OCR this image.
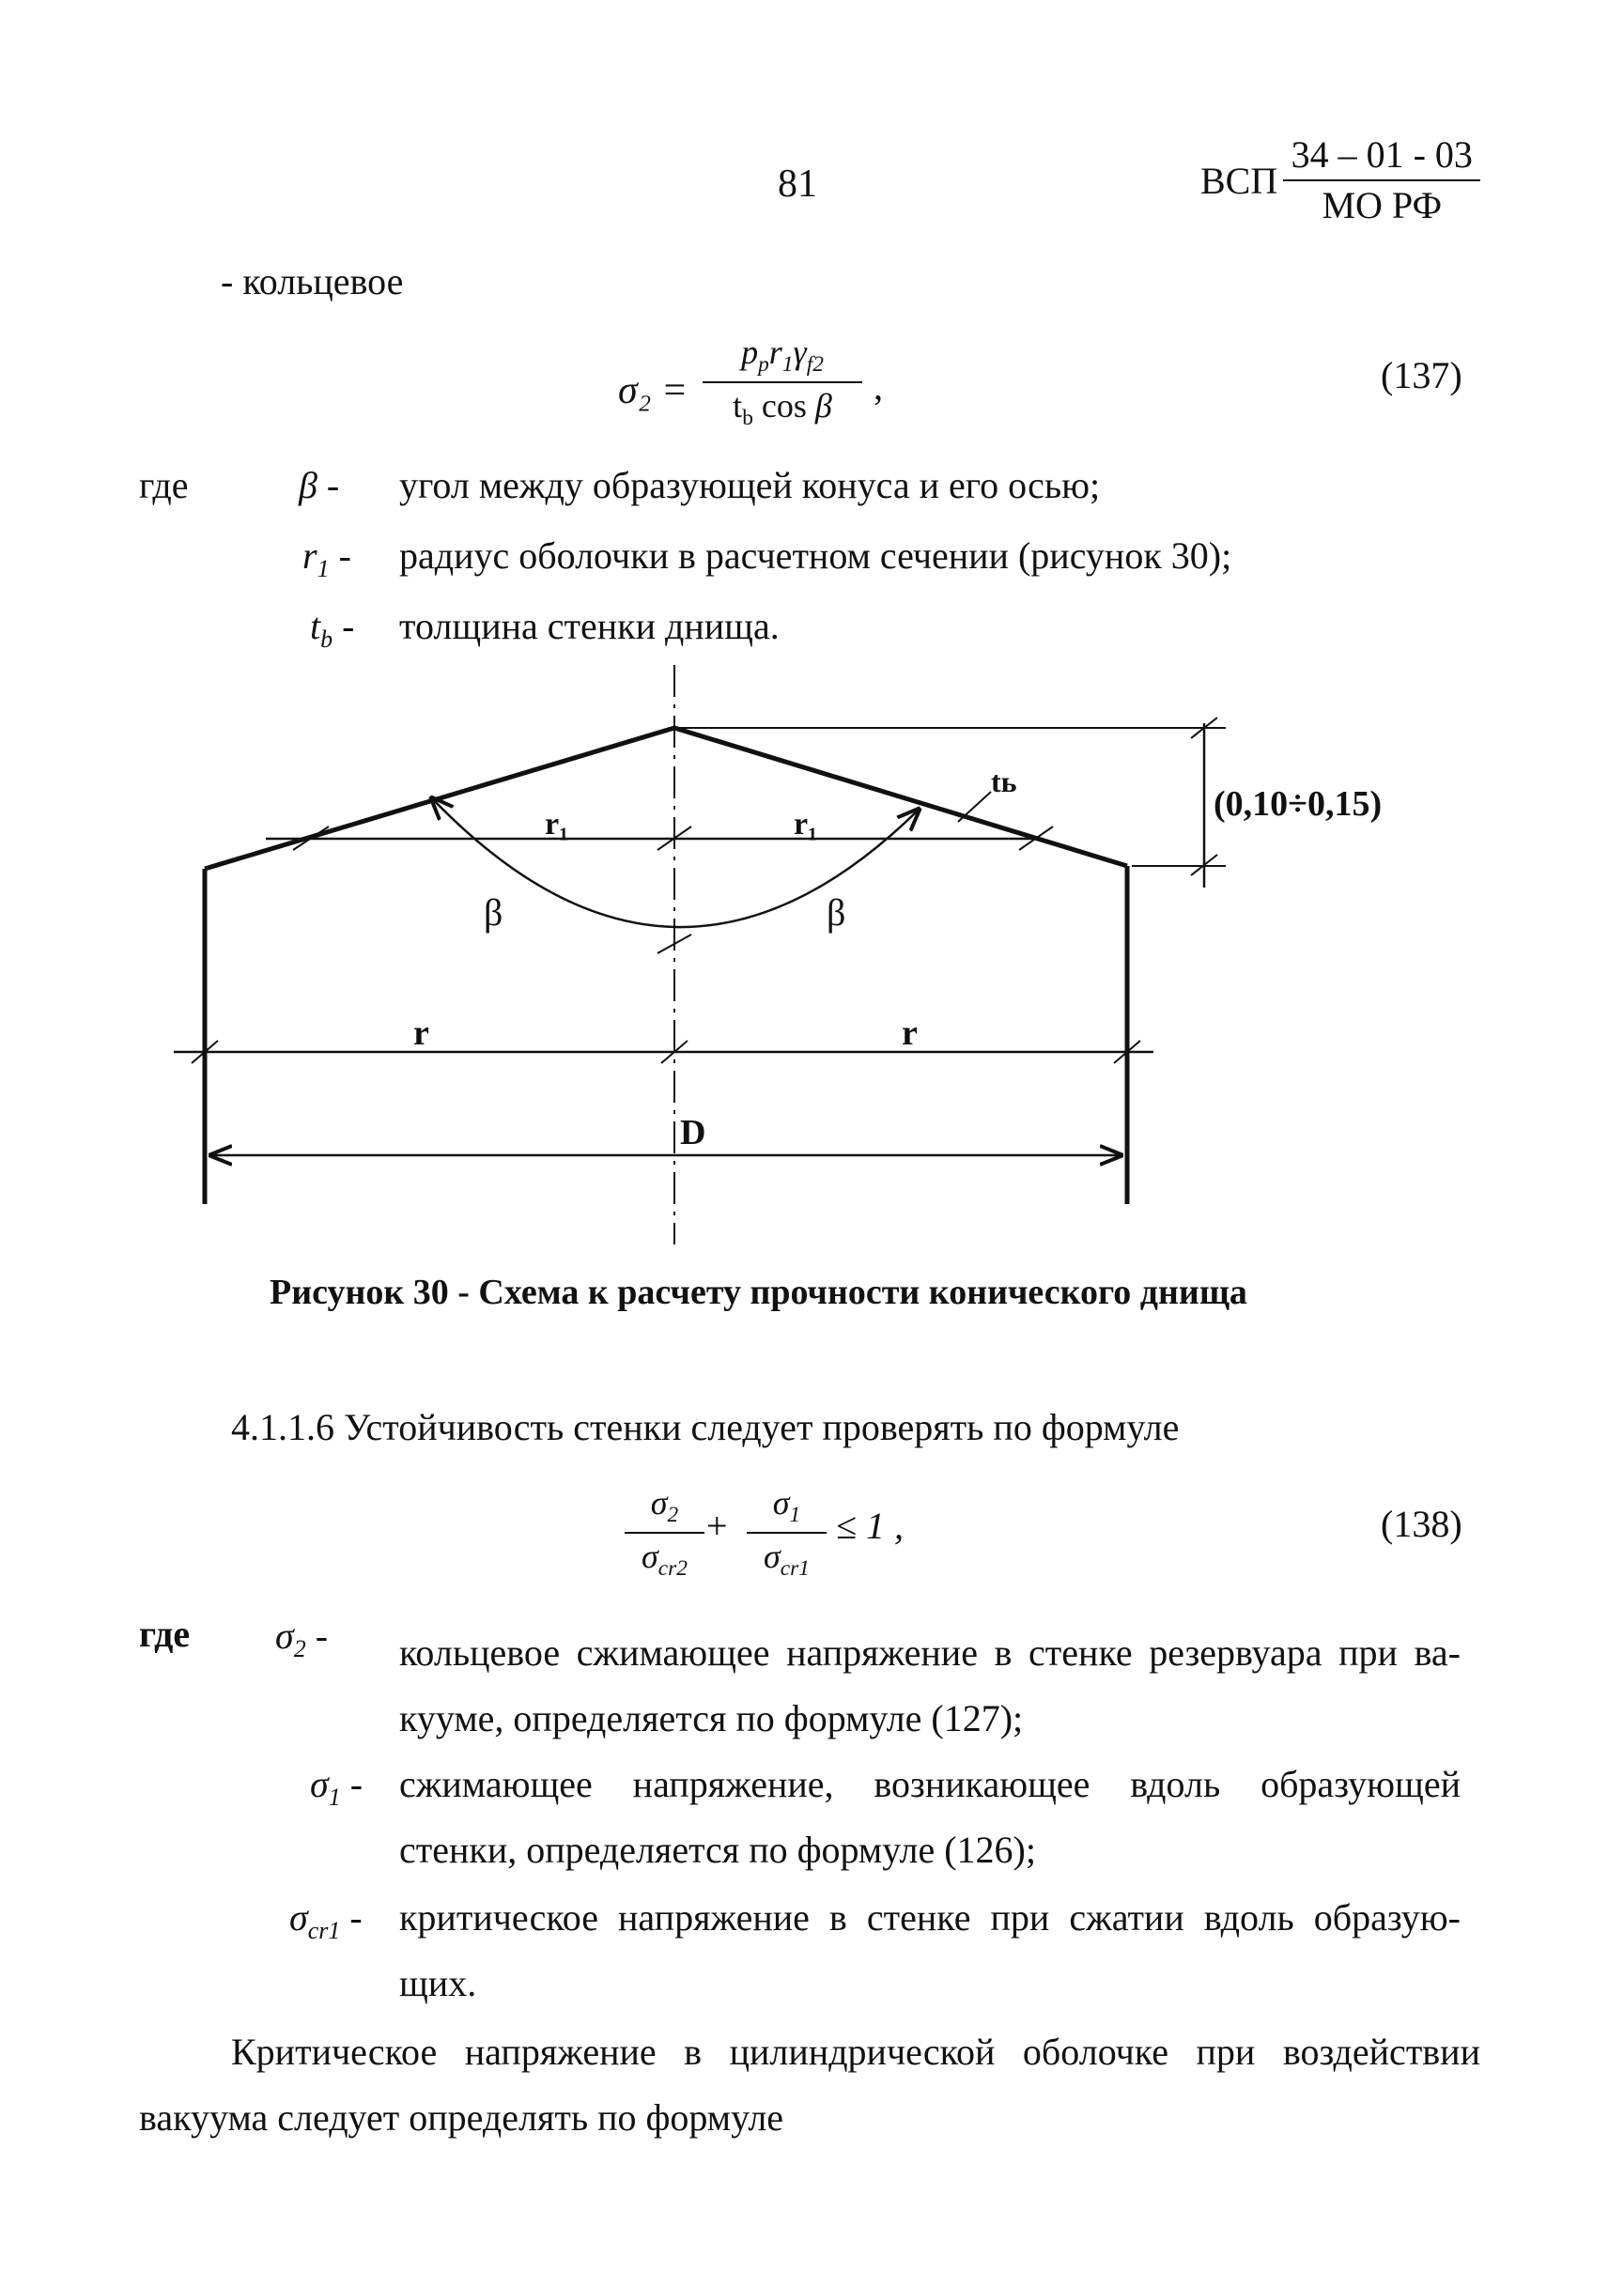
81	ВСП
34 – 01 - 03
МО РФ
- кольцевое
σ₂ =
$p_pr_1\gamma_{f2}$
$t_b$ cos β ,	(137)
где	β - угол между образующей конуса и его осью;
$r_1$ - радиус оболочки в расчетном сечении (рисунок 30);
$t_b$ - толщина стенки днища.
tь
(0,10÷0,15)
r₁	r₁
β	β
r	r
D
Рисунок 30 - Схема к расчету прочности конического днища
4.1.1.6 Устойчивость стенки следует проверять по формуле
$\sigma_2$
$\sigma_{cr2}$
+
$\sigma_1$
$\sigma_{cr1}$
≤ 1 ,	(138)
где $\sigma_2$ - кольцевое сжимающее напряжение в стенке резервуара при ва-
кууме, определяется по формуле (127);
$\sigma_1$ - сжимающее напряжение, возникающее вдоль образующей
стенки, определяется по формуле (126);
$\sigma_{cr1}$ - критическое напряжение в стенке при сжатии вдоль образую-
щих.
Критическое напряжение в цилиндрической оболочке при воздействии
вакуума следует определять по формуле
